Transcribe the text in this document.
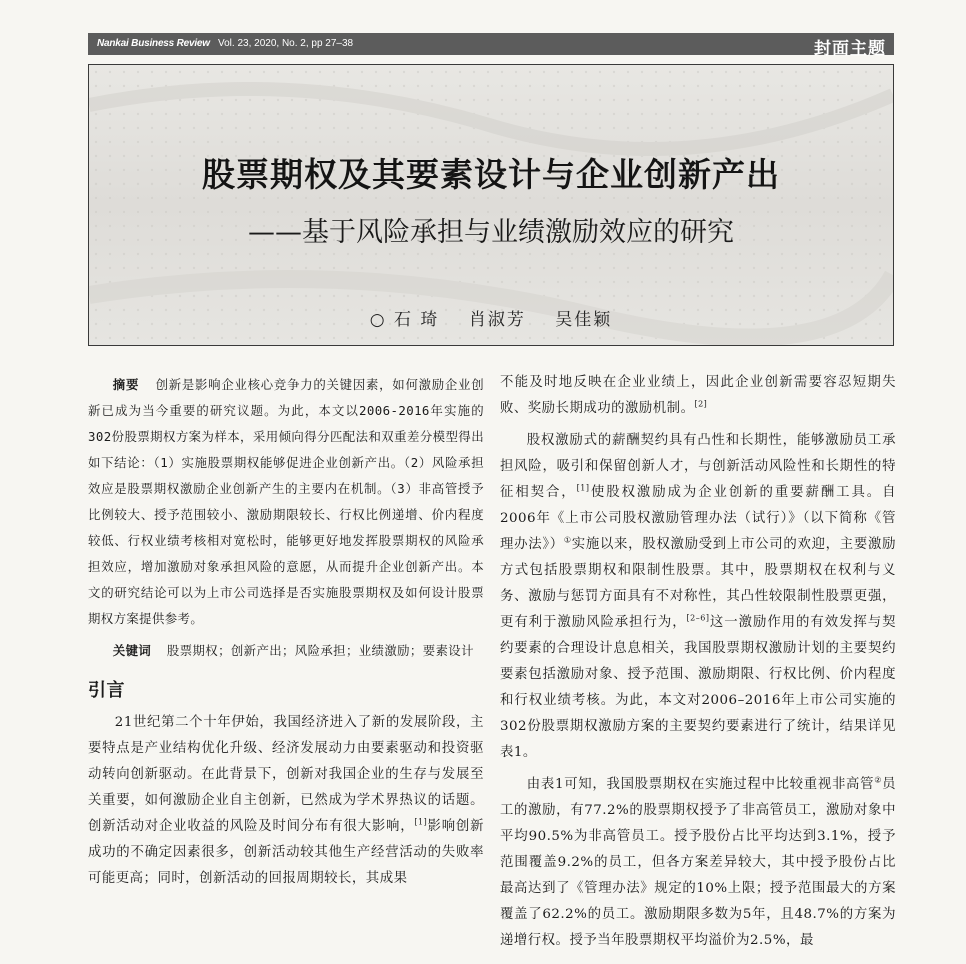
Nankai Business Review Vol. 23, 2020, No. 2, pp 27–38	封面主题
股票期权及其要素设计与企业创新产出
——基于风险承担与业绩激励效应的研究
○ 石 琦 肖淑芳 吴佳颖

摘要 创新是影响企业核心竞争力的关键因素，如何激励企业创新已成为当今重要的研究议题。为此，本文以2006-2016年实施的302份股票期权方案为样本，采用倾向得分匹配法和双重差分模型得出如下结论：（1）实施股票期权能够促进企业创新产出。（2）风险承担效应是股票期权激励企业创新产生的主要内在机制。（3）非高管授予比例较大、授予范围较小、激励期限较长、行权比例递增、价内程度较低、行权业绩考核相对宽松时，能够更好地发挥股票期权的风险承担效应，增加激励对象承担风险的意愿，从而提升企业创新产出。本文的研究结论可以为上市公司选择是否实施股票期权及如何设计股票期权方案提供参考。

关键词 股票期权；创新产出；风险承担；业绩激励；要素设计

引言

21世纪第二个十年伊始，我国经济进入了新的发展阶段，主要特点是产业结构优化升级、经济发展动力由要素驱动和投资驱动转向创新驱动。在此背景下，创新对我国企业的生存与发展至关重要，如何激励企业自主创新，已然成为学术界热议的话题。创新活动对企业收益的风险及时间分布有很大影响，[1]影响创新成功的不确定因素很多，创新活动较其他生产经营活动的失败率可能更高；同时，创新活动的回报周期较长，其成果

不能及时地反映在企业业绩上，因此企业创新需要容忍短期失败、奖励长期成功的激励机制。[2]

股权激励式的薪酬契约具有凸性和长期性，能够激励员工承担风险，吸引和保留创新人才，与创新活动风险性和长期性的特征相契合，[1]使股权激励成为企业创新的重要薪酬工具。自2006年《上市公司股权激励管理办法（试行）》（以下简称《管理办法》）①实施以来，股权激励受到上市公司的欢迎，主要激励方式包括股票期权和限制性股票。其中，股票期权在权利与义务、激励与惩罚方面具有不对称性，其凸性较限制性股票更强，更有利于激励风险承担行为，[2–6]这一激励作用的有效发挥与契约要素的合理设计息息相关，我国股票期权激励计划的主要契约要素包括激励对象、授予范围、激励期限、行权比例、价内程度和行权业绩考核。为此，本文对2006–2016年上市公司实施的302份股票期权激励方案的主要契约要素进行了统计，结果详见表1。

由表1可知，我国股票期权在实施过程中比较重视非高管②员工的激励，有77.2%的股票期权授予了非高管员工，激励对象中平均90.5%为非高管员工。授予股份占比平均达到3.1%，授予范围覆盖9.2%的员工，但各方案差异较大，其中授予股份占比最高达到了《管理办法》规定的10%上限；授予范围最大的方案覆盖了62.2%的员工。激励期限多数为5年，且48.7%的方案为递增行权。授予当年股票期权平均溢价为2.5%，最
